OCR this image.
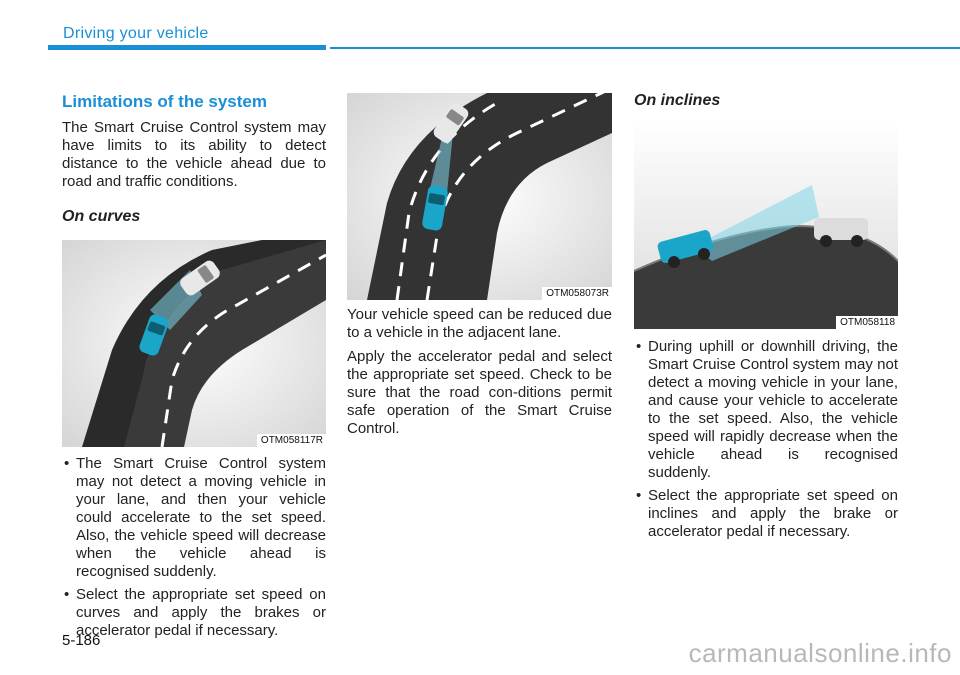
Driving your vehicle
Limitations of the system

The Smart Cruise Control system may have limits to its ability to detect distance to the vehicle ahead due to road and traffic conditions.

On curves
OTM058117R
• The Smart Cruise Control system may not detect a moving vehicle in your lane, and then your vehicle could accelerate to the set speed. Also, the vehicle speed will decrease when the vehicle ahead is recognised suddenly.
• Select the appropriate set speed on curves and apply the brakes or accelerator pedal if necessary.
OTM058073R

Your vehicle speed can be reduced due to a vehicle in the adjacent lane.

Apply the accelerator pedal and select the appropriate set speed. Check to be sure that the road con-ditions permit safe operation of the Smart Cruise Control.

On inclines
OTM058118
• During uphill or downhill driving, the Smart Cruise Control system may not detect a moving vehicle in your lane, and cause your vehicle to accelerate to the set speed. Also, the vehicle speed will rapidly decrease when the vehicle ahead is recognised suddenly.
• Select the appropriate set speed on inclines and apply the brake or accelerator pedal if necessary.
5-186	carmanualsonline.info
